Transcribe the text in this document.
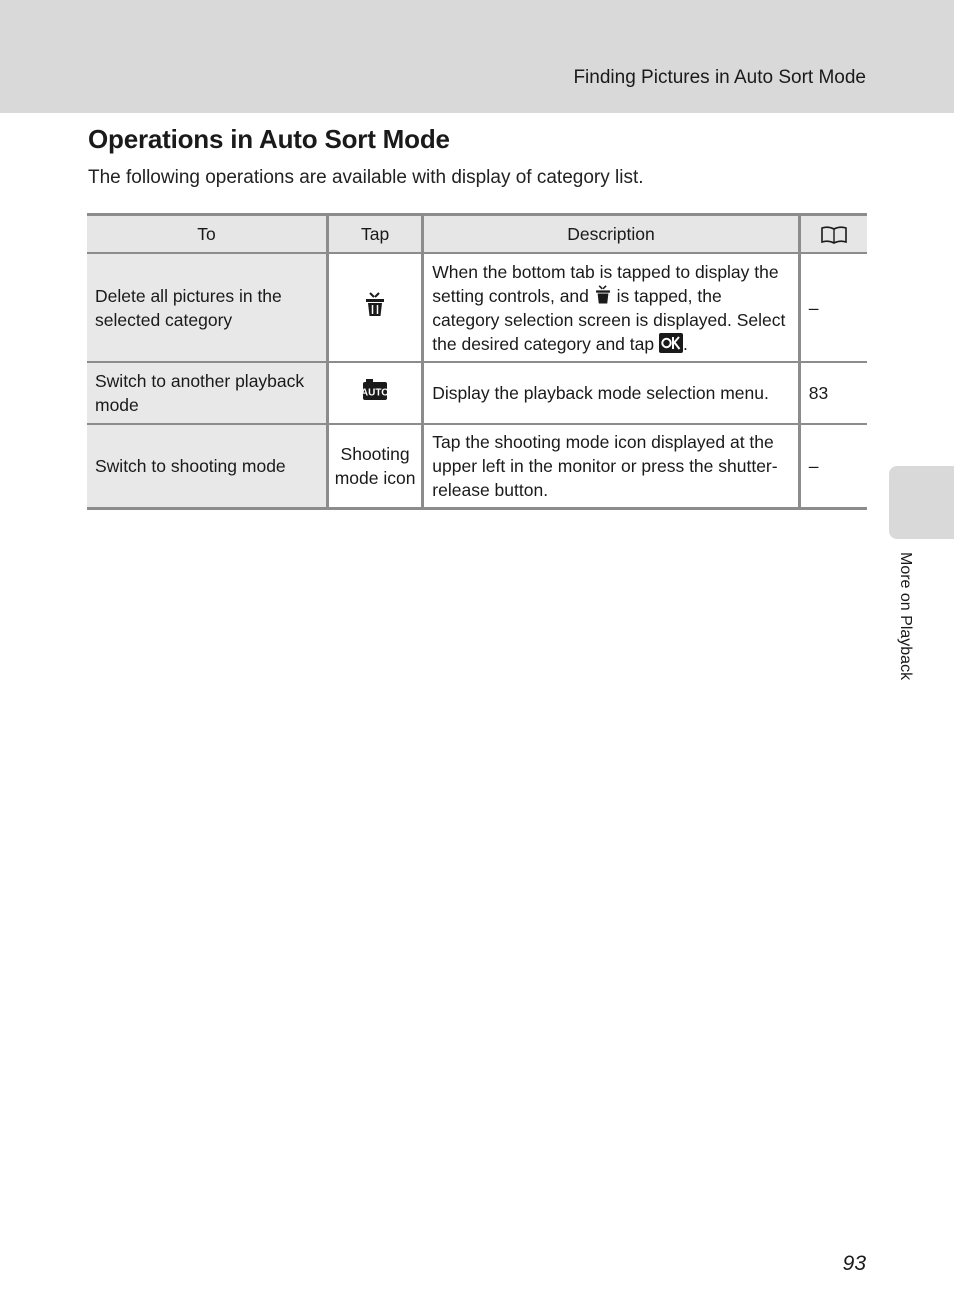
Finding Pictures in Auto Sort Mode
Operations in Auto Sort Mode
The following operations are available with display of category list.
To	Tap	Description	
Delete all pictures in the selected category		When the bottom tab is tapped to display the setting controls, and  is tapped, the category selection screen is displayed. Select the desired category and tap .	–
Switch to another playback mode	AUTO	Display the playback mode selection menu.	83
Switch to shooting mode	Shooting mode icon	Tap the shooting mode icon displayed at the upper left in the monitor or press the shutter-release button.	–
More on Playback
93
